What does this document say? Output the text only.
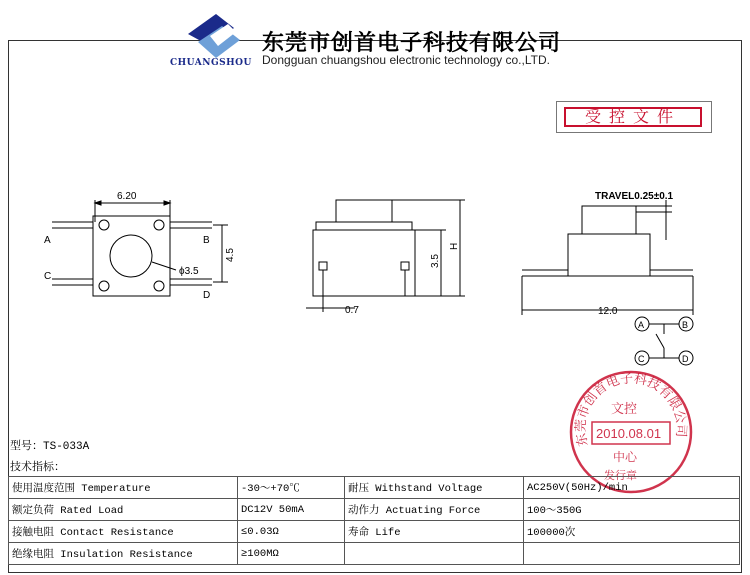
CHUANGSHOU
东莞市创首电子科技有限公司
Dongguan chuangshou electronic technology co.,LTD.
受控文件
6.20
4.5
ϕ3.5
A	B
C
D
0.7
3.5
H
TRAVEL0.25±0.1
12.0
A	B
C	D
东莞市创首电子科技有限公司
文控
2010.08.01
中心
发行章
型号：TS-033A
技术指标：
使用温度范围 Temperature	-30～+70℃	耐压 Withstand Voltage	AC250V(50Hz)/min
额定负荷 Rated Load	DC12V 50mA	动作力 Actuating Force	100～350G
接触电阻 Contact Resistance	≤0.03Ω	寿命 Life	100000次
绝缘电阻 Insulation Resistance	≥100MΩ		
